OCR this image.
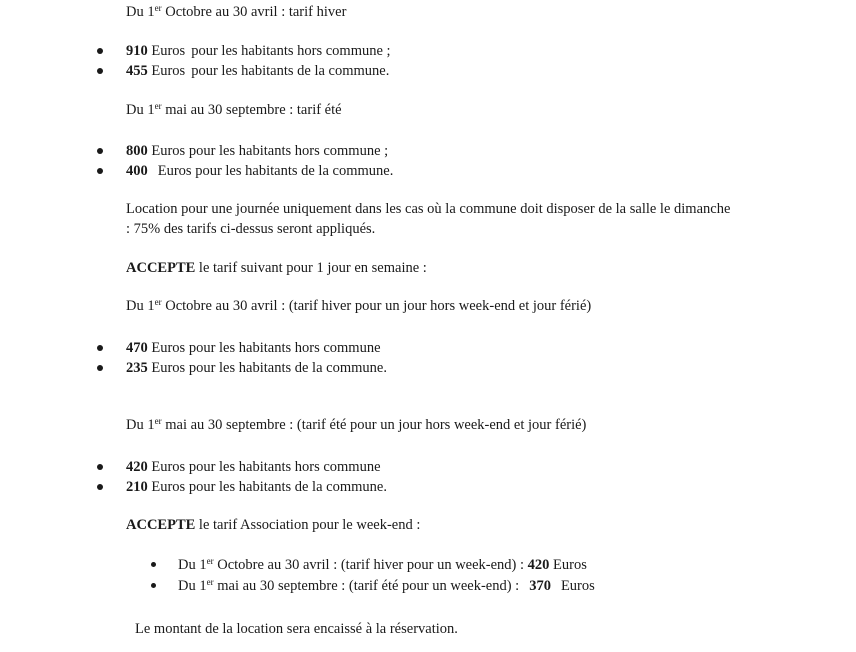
Du 1er Octobre au 30 avril : tarif hiver
910 Euros pour les habitants hors commune ;
455 Euros pour les habitants de la commune.
Du 1er mai au 30 septembre : tarif été
800 Euros pour les habitants hors commune ;
400 Euros pour les habitants de la commune.
Location pour une journée uniquement dans les cas où la commune doit disposer de la salle le dimanche
: 75% des tarifs ci-dessus seront appliqués.
ACCEPTE le tarif suivant pour 1 jour en semaine :
Du 1er Octobre au 30 avril : (tarif hiver pour un jour hors week-end et jour férié)
470 Euros pour les habitants hors commune
235 Euros pour les habitants de la commune.
Du 1er mai au 30 septembre : (tarif été pour un jour hors week-end et jour férié)
420 Euros pour les habitants hors commune
210 Euros pour les habitants de la commune.
ACCEPTE le tarif Association pour le week-end :
Du 1er Octobre au 30 avril : (tarif hiver pour un week-end) : 420 Euros
Du 1er mai au 30 septembre : (tarif été pour un week-end) : 370 Euros
Le montant de la location sera encaissé à la réservation.
